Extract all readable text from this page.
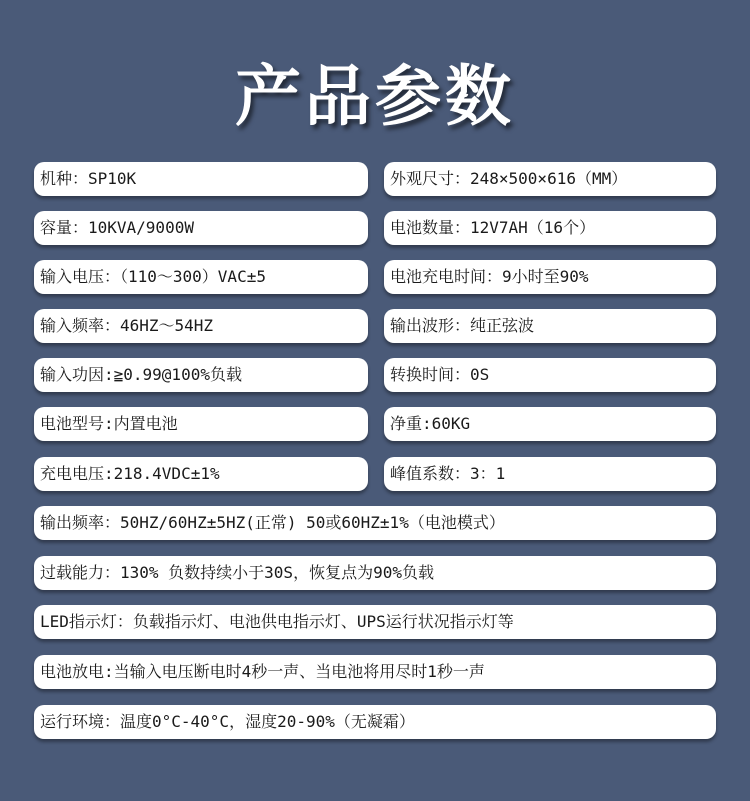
产品参数
机种：SP10K	外观尺寸：248×500×616（MM）
容量：10KVA/9000W	电池数量：12V7AH（16个）
输入电压：（110～300）VAC±5	电池充电时间：9小时至90%
输入频率：46HZ～54HZ	输出波形：纯正弦波
输入功因:≧0.99@100%负载	转换时间：0S
电池型号:内置电池	净重:60KG
充电电压:218.4VDC±1%	峰值系数：3：1
输出频率：50HZ/60HZ±5HZ(正常) 50或60HZ±1%（电池模式）
过载能力：130% 负数持续小于30S，恢复点为90%负载
LED指示灯：负载指示灯、电池供电指示灯、UPS运行状况指示灯等
电池放电:当输入电压断电时4秒一声、当电池将用尽时1秒一声
运行环境：温度0°C-40°C，湿度20-90%（无凝霜）
